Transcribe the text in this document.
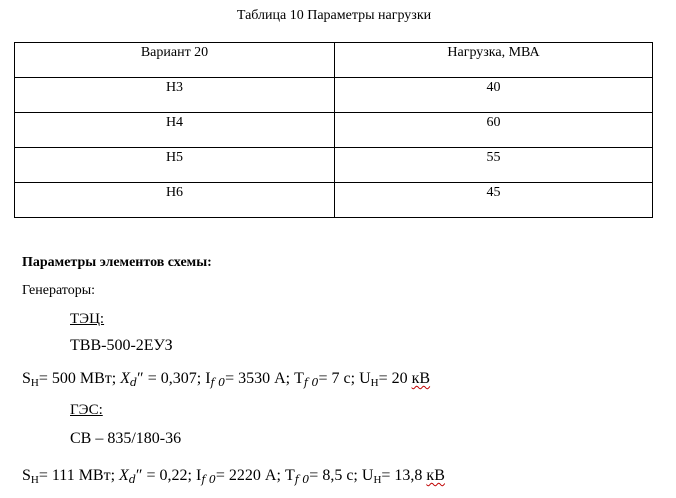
Таблица 10 Параметры нагрузки
Вариант 20	Нагрузка, МВА

Н3	40

Н4	60

Н5	55

Н6	45
Параметры элементов схемы:
Генераторы:
ТЭЦ:
ТВВ-500-2ЕУЗ
$S_Н= 500$ МВт; Xd″ = 0,307; If 0= 3530 А; Tf 0= 7 с; $U_Н= 20$ кВ
ГЭС:
СВ – 835/180-36
$S_Н= 111$ МВт; Xd″ = 0,22; If 0= 2220 А; Tf 0= 8,5 с; $U_Н= 13,8$ кВ
